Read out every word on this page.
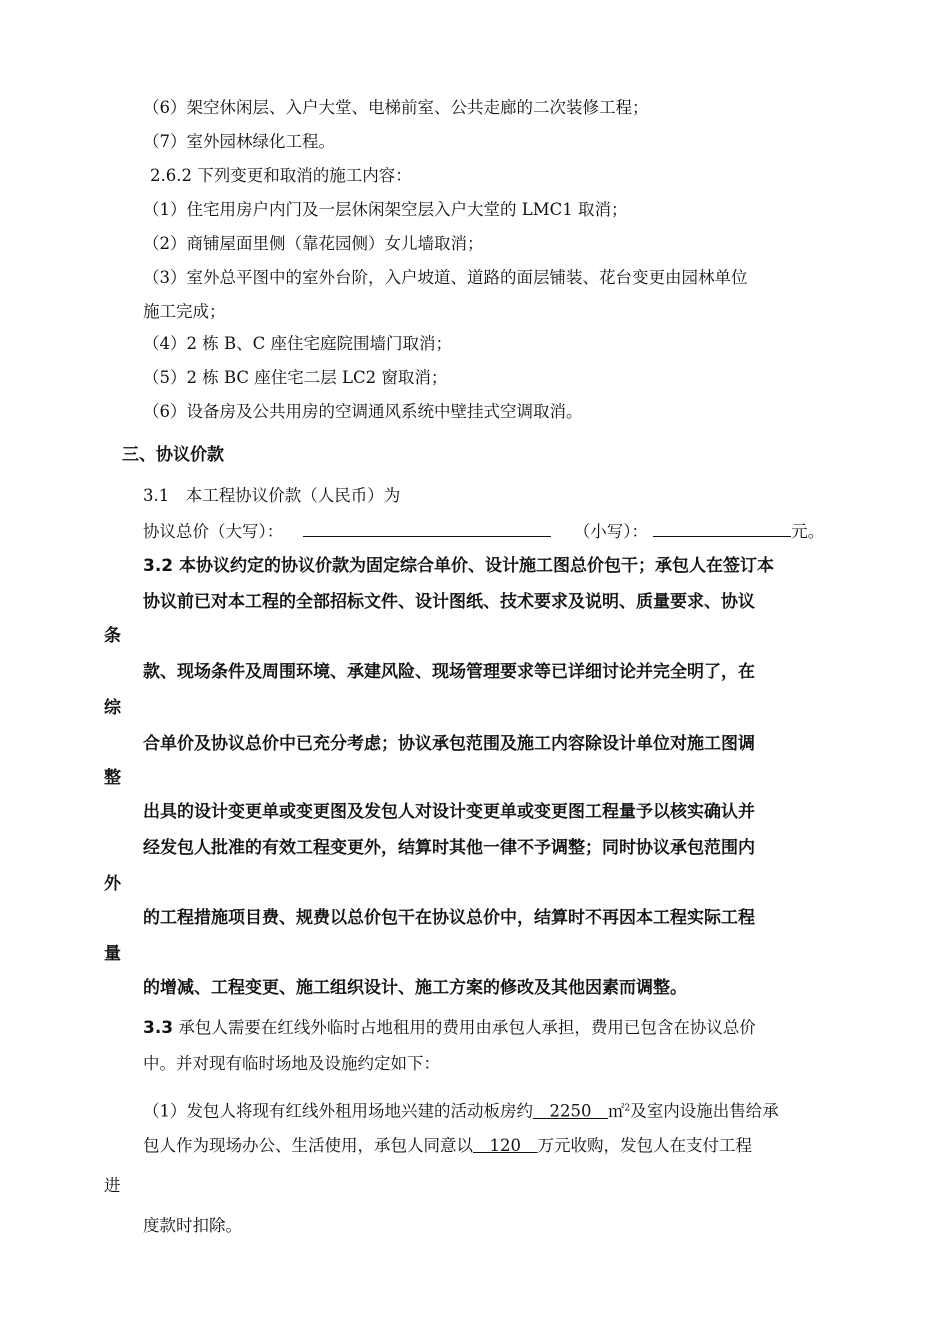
（6）架空休闲层、入户大堂、电梯前室、公共走廊的二次装修工程；
（7）室外园林绿化工程。
2.6.2 下列变更和取消的施工内容：
（1）住宅用房户内门及一层休闲架空层入户大堂的 LMC1 取消；
（2）商铺屋面里侧（靠花园侧）女儿墙取消；
（3）室外总平图中的室外台阶，入户坡道、道路的面层铺装、花台变更由园林单位
施工完成；
（4）2 栋 B、C 座住宅庭院围墙门取消；
（5）2 栋 BC 座住宅二层 LC2 窗取消；
（6）设备房及公共用房的空调通风系统中壁挂式空调取消。
三、协议价款
3.1　本工程协议价款（人民币）为
协议总价（大写）：	（小写）：	元。
3.2 本协议约定的协议价款为固定综合单价、设计施工图总价包干；承包人在签订本
协议前已对本工程的全部招标文件、设计图纸、技术要求及说明、质量要求、协议
条
款、现场条件及周围环境、承建风险、现场管理要求等已详细讨论并完全明了，在
综
合单价及协议总价中已充分考虑；协议承包范围及施工内容除设计单位对施工图调
整
出具的设计变更单或变更图及发包人对设计变更单或变更图工程量予以核实确认并
经发包人批准的有效工程变更外，结算时其他一律不予调整；同时协议承包范围内
外
的工程措施项目费、规费以总价包干在协议总价中，结算时不再因本工程实际工程
量
的增减、工程变更、施工组织设计、施工方案的修改及其他因素而调整。
3.3 承包人需要在红线外临时占地租用的费用由承包人承担，费用已包含在协议总价
中。并对现有临时场地及设施约定如下：
（1）发包人将现有红线外租用场地兴建的活动板房约　2250　㎡$^2$及室内设施出售给承
包人作为现场办公、生活使用，承包人同意以　120　万元收购，发包人在支付工程
进
度款时扣除。
